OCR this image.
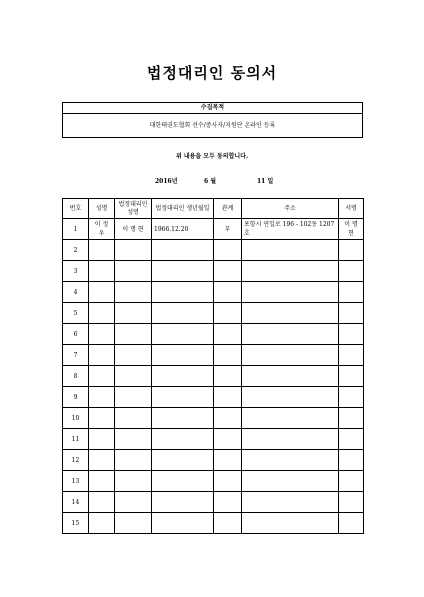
법정대리인 동의서
수집목적
대한태권도협회 선수/중사자/지원단 온라인 등록
위 내용을 모두 동의합니다.
2016년	6 월	11 일
번호	성명	법정대리인 성명	법정대리인 생년월일	관계	주소	서명
1	이 정 우	이 명 현	1966.12.20	부	포항시 연일로 196 - 102동 1207호	이 명 현
2						
3						
4						
5						
6						
7						
8						
9						
10						
11						
12						
13						
14						
15						
